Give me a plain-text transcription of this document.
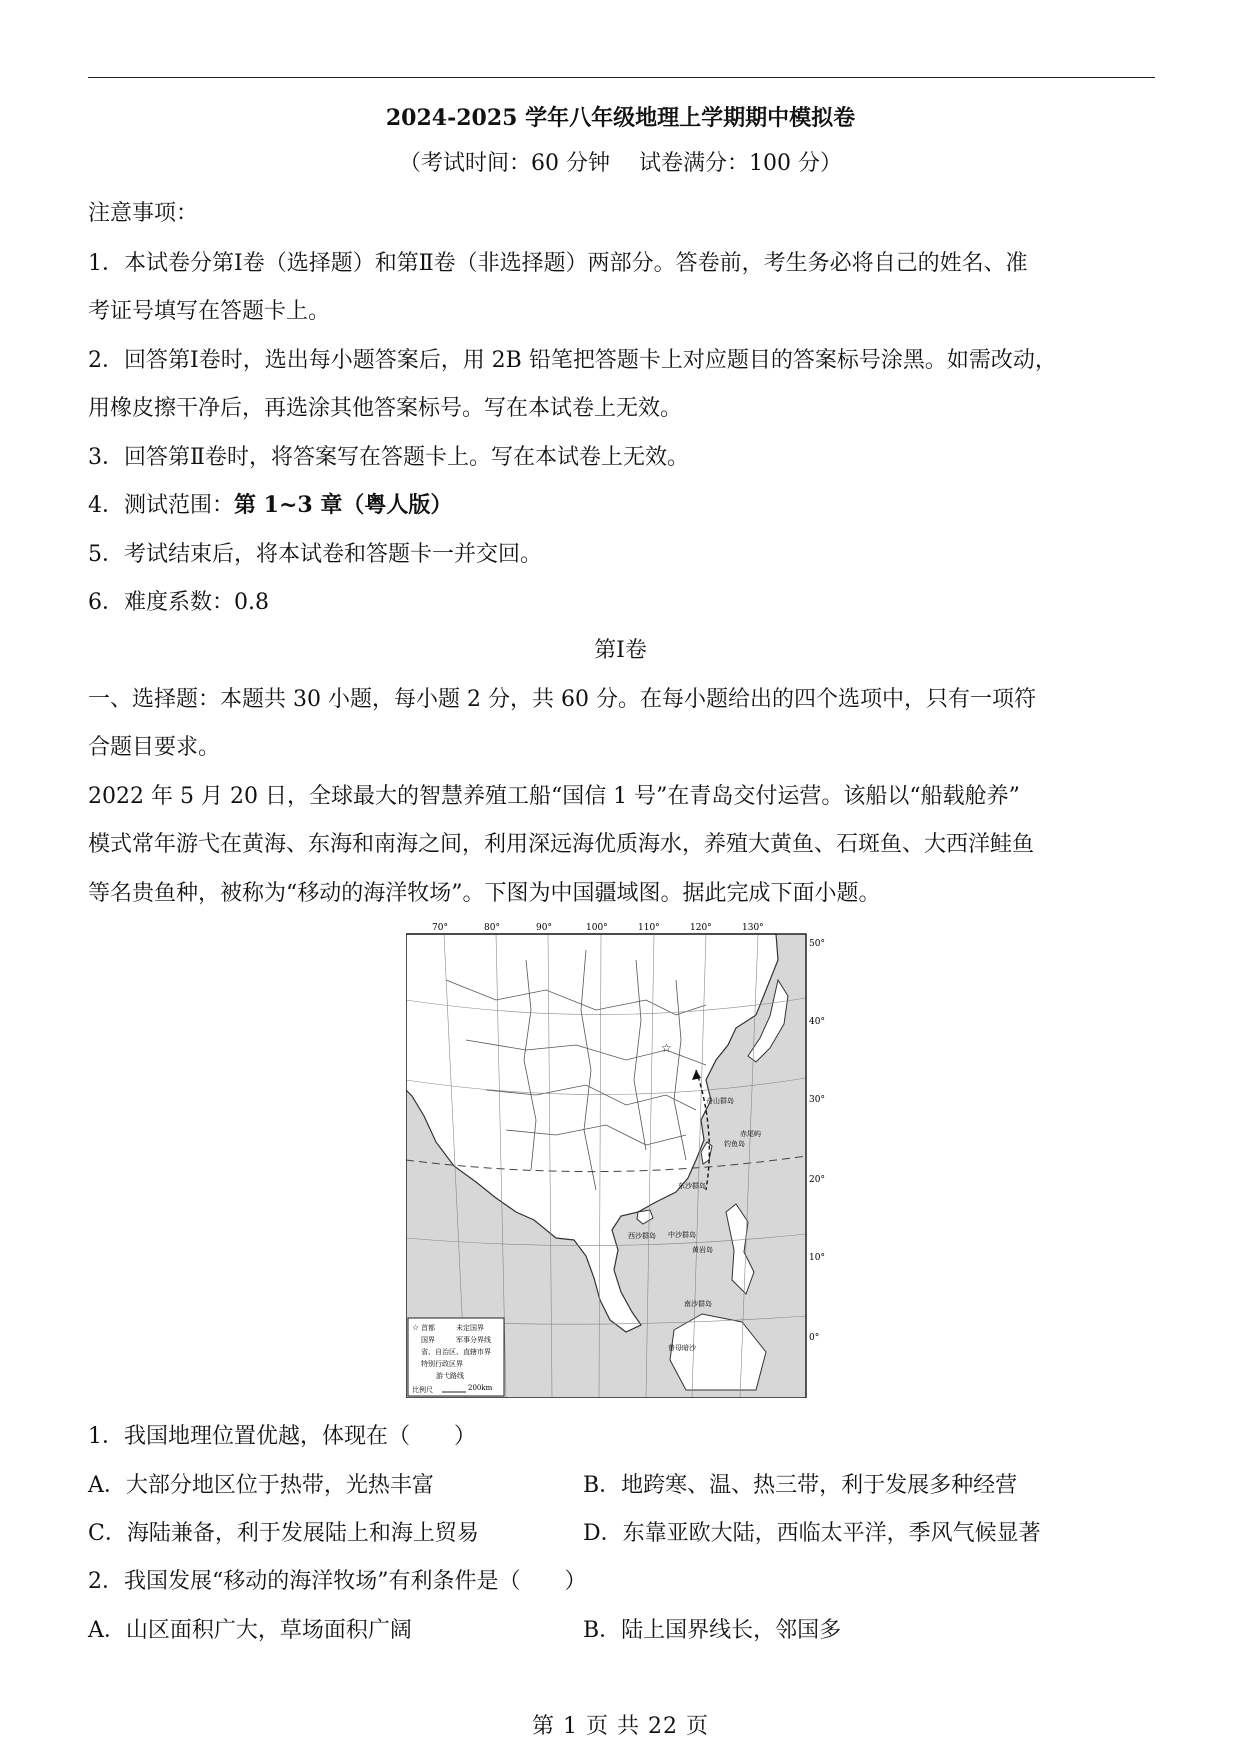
2024-2025 学年八年级地理上学期期中模拟卷
（考试时间：60 分钟　 试卷满分：100 分）
注意事项：
1．本试卷分第Ⅰ卷（选择题）和第Ⅱ卷（非选择题）两部分。答卷前，考生务必将自己的姓名、准
考证号填写在答题卡上。
2．回答第Ⅰ卷时，选出每小题答案后，用 2B 铅笔把答题卡上对应题目的答案标号涂黑。如需改动，
用橡皮擦干净后，再选涂其他答案标号。写在本试卷上无效。
3．回答第Ⅱ卷时，将答案写在答题卡上。写在本试卷上无效。
4．测试范围：第 1~3 章（粤人版）
5．考试结束后，将本试卷和答题卡一并交回。
6．难度系数：0.8
第Ⅰ卷
一、选择题：本题共 30 小题，每小题 2 分，共 60 分。在每小题给出的四个选项中，只有一项符
合题目要求。
2022 年 5 月 20 日，全球最大的智慧养殖工船“国信 1 号”在青岛交付运营。该船以“船载舱养”
模式常年游弋在黄海、东海和南海之间，利用深远海优质海水，养殖大黄鱼、石斑鱼、大西洋鲑鱼
等名贵鱼种，被称为“移动的海洋牧场”。下图为中国疆域图。据此完成下面小题。
☆
70°	80°	90°	100°	110°	120°	130°
50°
40°
30°
20°
10°
0°
舟山群岛
钓鱼岛
赤尾屿
东沙群岛
西沙群岛 中沙群岛
黄岩岛
南沙群岛
曾母暗沙
☆ 首都	未定国界
国界	军事分界线
省、自治区、直辖市界
特别行政区界
游弋路线
比例尺	200km
1．我国地理位置优越，体现在（　　）
A．大部分地区位于热带，光热丰富	B．地跨寒、温、热三带，利于发展多种经营
C．海陆兼备，利于发展陆上和海上贸易	D．东靠亚欧大陆，西临太平洋，季风气候显著
2．我国发展“移动的海洋牧场”有利条件是（　　）
A．山区面积广大，草场面积广阔	B．陆上国界线长，邻国多
第 1 页 共 22 页
